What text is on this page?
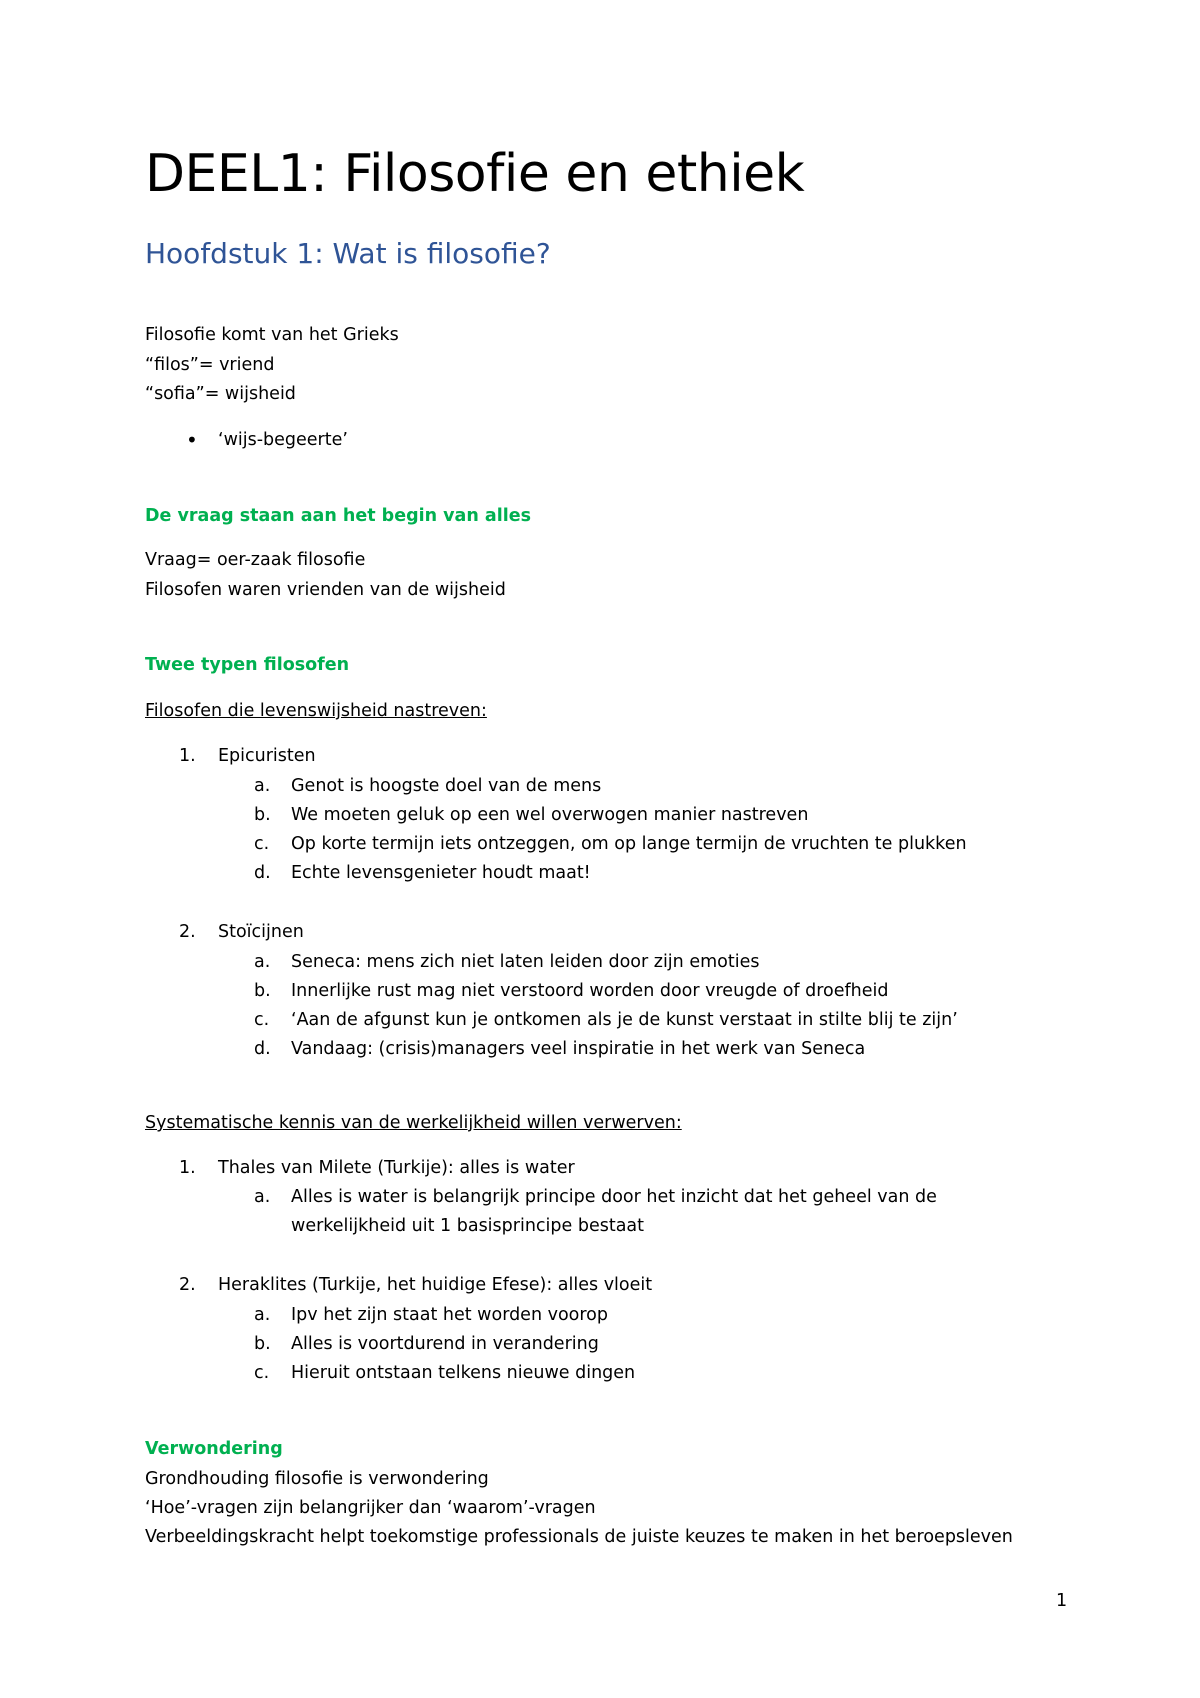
DEEL1: Filosofie en ethiek
Hoofdstuk 1: Wat is filosofie?

Filosofie komt van het Grieks

“filos”= vriend

“sofia”= wijsheid

• ‘wijs-begeerte’

De vraag staan aan het begin van alles

Vraag= oer-zaak filosofie

Filosofen waren vrienden van de wijsheid

Twee typen filosofen

Filosofen die levenswijsheid nastreven:

1. Epicuristen

a. Genot is hoogste doel van de mens

b. We moeten geluk op een wel overwogen manier nastreven

c. Op korte termijn iets ontzeggen, om op lange termijn de vruchten te plukken

d. Echte levensgenieter houdt maat!

2. Stoïcijnen

a. Seneca: mens zich niet laten leiden door zijn emoties

b. Innerlijke rust mag niet verstoord worden door vreugde of droefheid

c. ‘Aan de afgunst kun je ontkomen als je de kunst verstaat in stilte blij te zijn’

d. Vandaag: (crisis)managers veel inspiratie in het werk van Seneca

Systematische kennis van de werkelijkheid willen verwerven:

1. Thales van Milete (Turkije): alles is water

a. Alles is water is belangrijk principe door het inzicht dat het geheel van de

werkelijkheid uit 1 basisprincipe bestaat

2. Heraklites (Turkije, het huidige Efese): alles vloeit

a. Ipv het zijn staat het worden voorop

b. Alles is voortdurend in verandering

c. Hieruit ontstaan telkens nieuwe dingen

Verwondering

Grondhouding filosofie is verwondering

‘Hoe’-vragen zijn belangrijker dan ‘waarom’-vragen

Verbeeldingskracht helpt toekomstige professionals de juiste keuzes te maken in het beroepsleven

1
